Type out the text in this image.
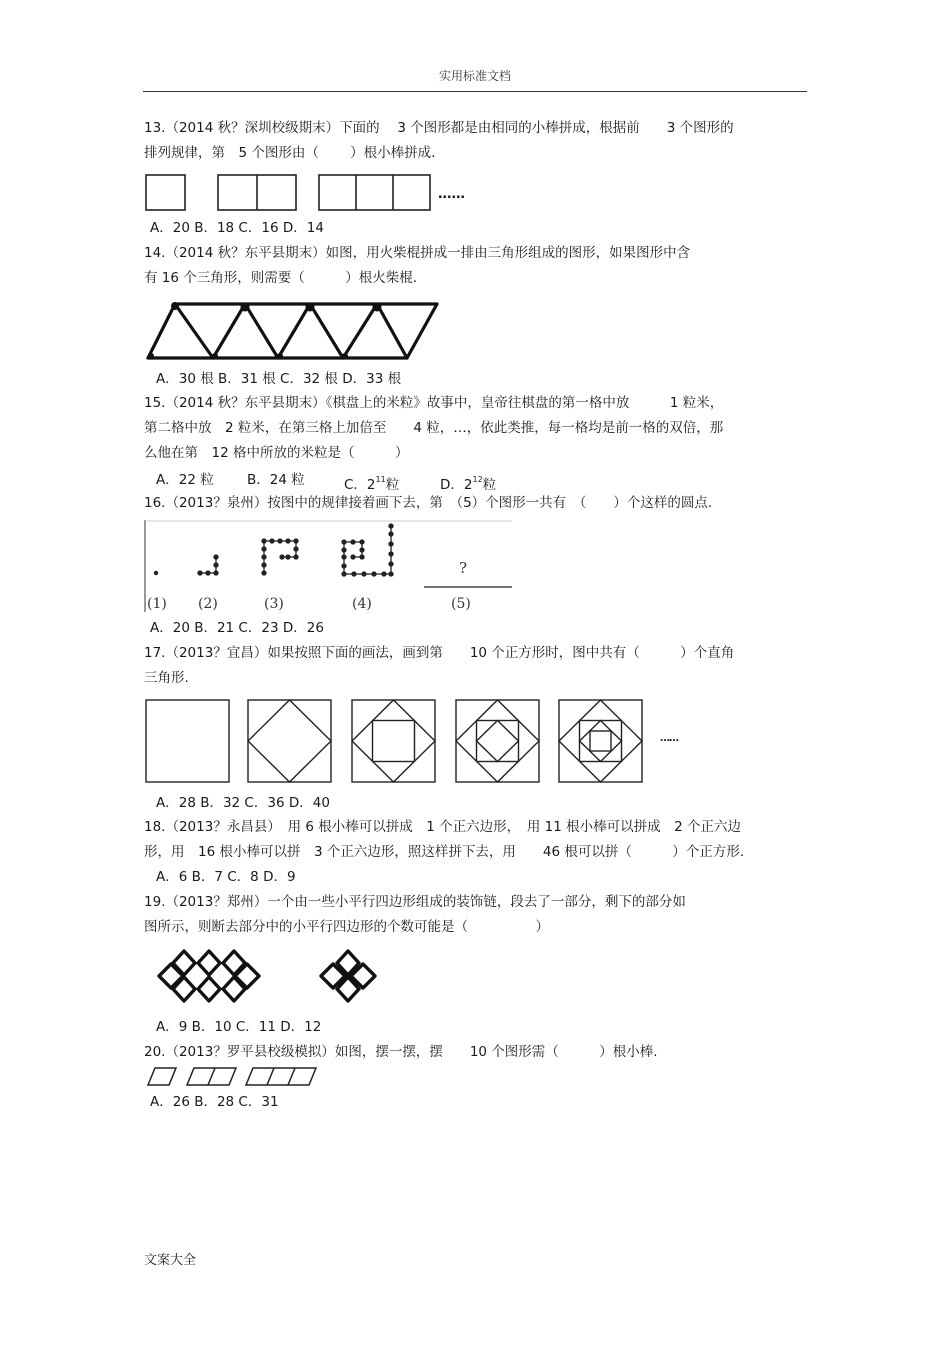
实用标准文档
13.（2014 秋？深圳校级期末）下面的　 3 个图形都是由相同的小棒拼成，根据前　　3 个图形的
排列规律，第　5 个图形由（　　 ）根小棒拼成.
……
A．20 B．18 C．16 D．14
14.（2014 秋？东平县期末）如图，用火柴棍拼成一排由三角形组成的图形，如果图形中含
有 16 个三角形，则需要（　　　）根火柴棍.
A．30 根 B．31 根 C．32 根 D．33 根
15.（2014 秋？东平县期末）《棋盘上的米粒》故事中，皇帝往棋盘的第一格中放　　　1 粒米，
第二格中放　2 粒米，在第三格上加倍至　　4 粒，…，依此类推，每一格均是前一格的双倍，那
么他在第　12 格中所放的米粒是（　　　）
A．22 粒 B．24 粒	C．$2^{11}$粒	D．$2^{12}$粒
16.（2013？泉州）按图中的规律接着画下去，第　（5）个图形一共有　（　　）个这样的圆点.
?
(1) (2)	(3)	(4)	(5)
A．20 B．21 C．23 D．26
17.（2013？宜昌）如果按照下面的画法，画到第　　10 个正方形时，图中共有（　　　）个直角
三角形.
……
A．28 B．32 C．36 D．40
18.（2013？永昌县）　用 6 根小棒可以拼成　1 个正六边形，　用 11 根小棒可以拼成　2 个正六边
形，用　16 根小棒可以拼　3 个正六边形，照这样拼下去，用　　46 根可以拼（　　　）个正方形.
A．6 B．7 C．8 D．9
19.（2013？郑州）一个由一些小平行四边形组成的装饰链，段去了一部分，剩下的部分如
图所示，则断去部分中的小平行四边形的个数可能是（　　　　　）
A．9 B．10 C．11 D．12
20.（2013？罗平县校级模拟）如图，摆一摆，摆　　10 个图形需（　　　）根小棒.
A．26 B．28 C．31
文案大全
